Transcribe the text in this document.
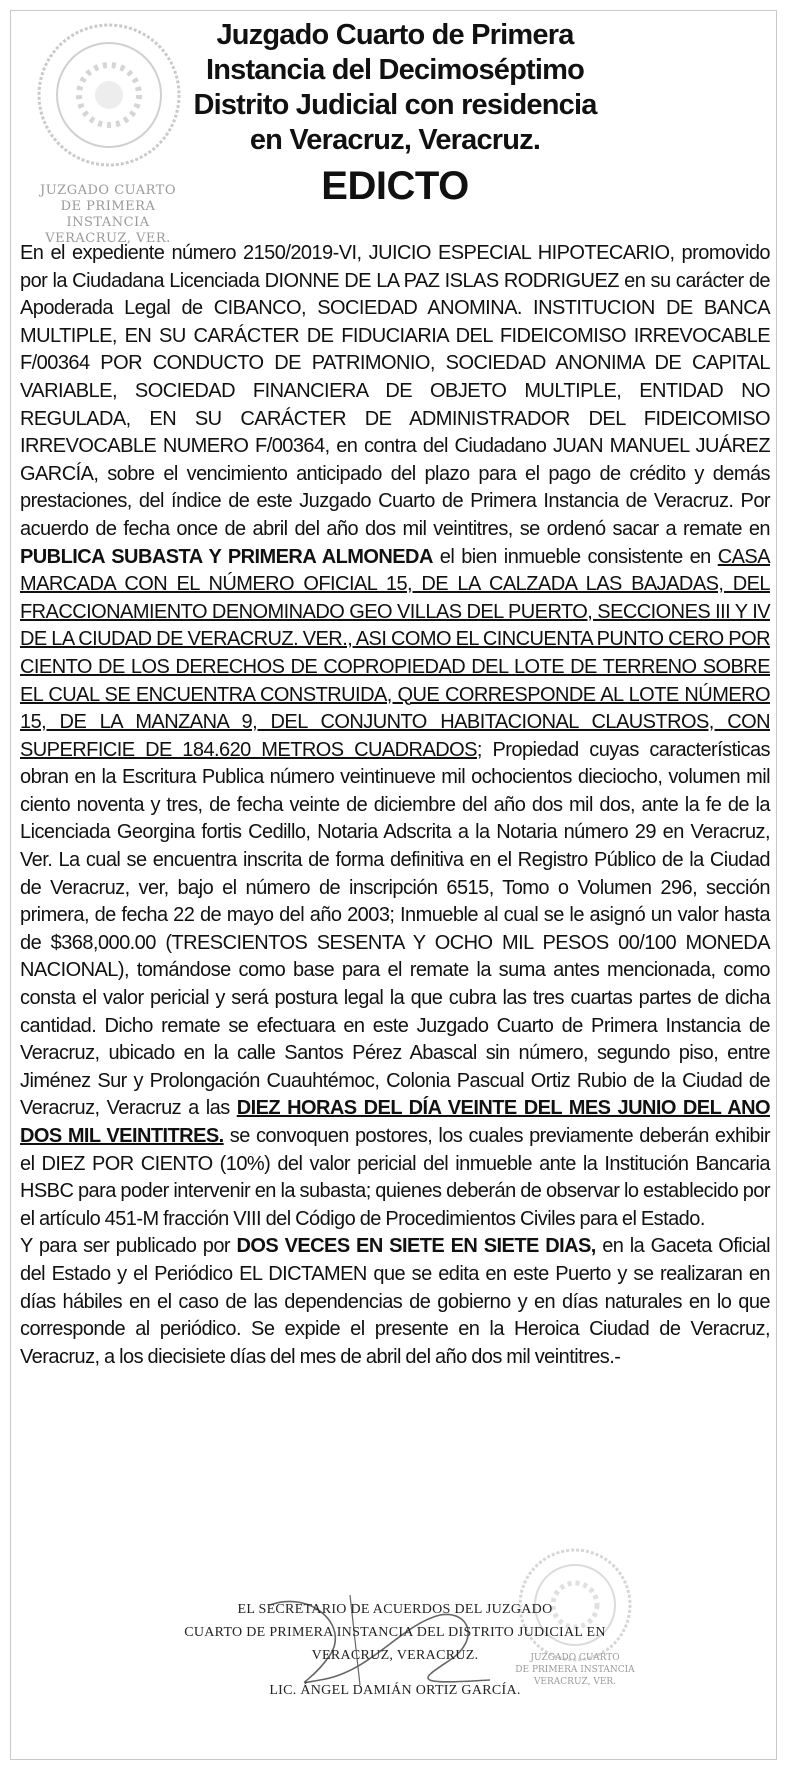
JUZGADO CUARTO
DE PRIMERA INSTANCIA
VERACRUZ, VER.
Juzgado Cuarto de Primera
Instancia del Decimoséptimo
Distrito Judicial con residencia
en Veracruz, Veracruz.
EDICTO

En el expediente número 2150/2019-VI, JUICIO ESPECIAL HIPOTECARIO, promovido por la Ciudadana Licenciada DIONNE DE LA PAZ ISLAS RODRIGUEZ en su carácter de Apoderada Legal de CIBANCO, SOCIEDAD ANOMINA. INSTITUCION DE BANCA MULTIPLE, EN SU CARÁCTER DE FIDUCIARIA DEL FIDEICOMISO IRREVOCABLE F/00364 POR CONDUCTO DE PATRIMONIO, SOCIEDAD ANONIMA DE CAPITAL VARIABLE, SOCIEDAD FINANCIERA DE OBJETO MULTIPLE, ENTIDAD NO REGULADA, EN SU CARÁCTER DE ADMINISTRADOR DEL FIDEICOMISO IRREVOCABLE NUMERO F/00364, en contra del Ciudadano JUAN MANUEL JUÁREZ GARCÍA, sobre el vencimiento anticipado del plazo para el pago de crédito y demás prestaciones, del índice de este Juzgado Cuarto de Primera Instancia de Veracruz. Por acuerdo de fecha once de abril del año dos mil veintitres, se ordenó sacar a remate en PUBLICA SUBASTA Y PRIMERA ALMONEDA el bien inmueble consistente en CASA MARCADA CON EL NÚMERO OFICIAL 15, DE LA CALZADA LAS BAJADAS, DEL FRACCIONAMIENTO DENOMINADO GEO VILLAS DEL PUERTO, SECCIONES III Y IV DE LA CIUDAD DE VERACRUZ. VER., ASI COMO EL CINCUENTA PUNTO CERO POR CIENTO DE LOS DERECHOS DE COPROPIEDAD DEL LOTE DE TERRENO SOBRE EL CUAL SE ENCUENTRA CONSTRUIDA, QUE CORRESPONDE AL LOTE NÚMERO 15, DE LA MANZANA 9, DEL CONJUNTO HABITACIONAL CLAUSTROS, CON SUPERFICIE DE 184.620 METROS CUADRADOS; Propiedad cuyas características obran en la Escritura Publica número veintinueve mil ochocientos dieciocho, volumen mil ciento noventa y tres, de fecha veinte de diciembre del año dos mil dos, ante la fe de la Licenciada Georgina fortis Cedillo, Notaria Adscrita a la Notaria número 29 en Veracruz, Ver. La cual se encuentra inscrita de forma definitiva en el Registro Público de la Ciudad de Veracruz, ver, bajo el número de inscripción 6515, Tomo o Volumen 296, sección primera, de fecha 22 de mayo del año 2003; Inmueble al cual se le asignó un valor hasta de $368,000.00 (TRESCIENTOS SESENTA Y OCHO MIL PESOS 00/100 MONEDA NACIONAL), tomándose como base para el remate la suma antes mencionada, como consta el valor pericial y será postura legal la que cubra las tres cuartas partes de dicha cantidad. Dicho remate se efectuara en este Juzgado Cuarto de Primera Instancia de Veracruz, ubicado en la calle Santos Pérez Abascal sin número, segundo piso, entre Jiménez Sur y Prolongación Cuauhtémoc, Colonia Pascual Ortiz Rubio de la Ciudad de Veracruz, Veracruz a las DIEZ HORAS DEL DÍA VEINTE DEL MES JUNIO DEL ANO DOS MIL VEINTITRES. se convoquen postores, los cuales previamente deberán exhibir el DIEZ POR CIENTO (10%) del valor pericial del inmueble ante la Institución Bancaria HSBC para poder intervenir en la subasta; quienes deberán de observar lo establecido por el artículo 451-M fracción VIII del Código de Procedimientos Civiles para el Estado.

Y para ser publicado por DOS VECES EN SIETE EN SIETE DIAS, en la Gaceta Oficial del Estado y el Periódico EL DICTAMEN que se edita en este Puerto y se realizaran en días hábiles en el caso de las dependencias de gobierno y en días naturales en lo que corresponde al periódico. Se expide el presente en la Heroica Ciudad de Veracruz, Veracruz, a los diecisiete días del mes de abril del año dos mil veintitres.-

JUZGADO CUARTO
DE PRIMERA INSTANCIA
VERACRUZ, VER.
EL SECRETARIO DE ACUERDOS DEL JUZGADO
CUARTO DE PRIMERA INSTANCIA DEL DISTRITO JUDICIAL EN
VERACRUZ, VERACRUZ.
LIC. ÁNGEL DAMIÁN ORTIZ GARCÍA.
